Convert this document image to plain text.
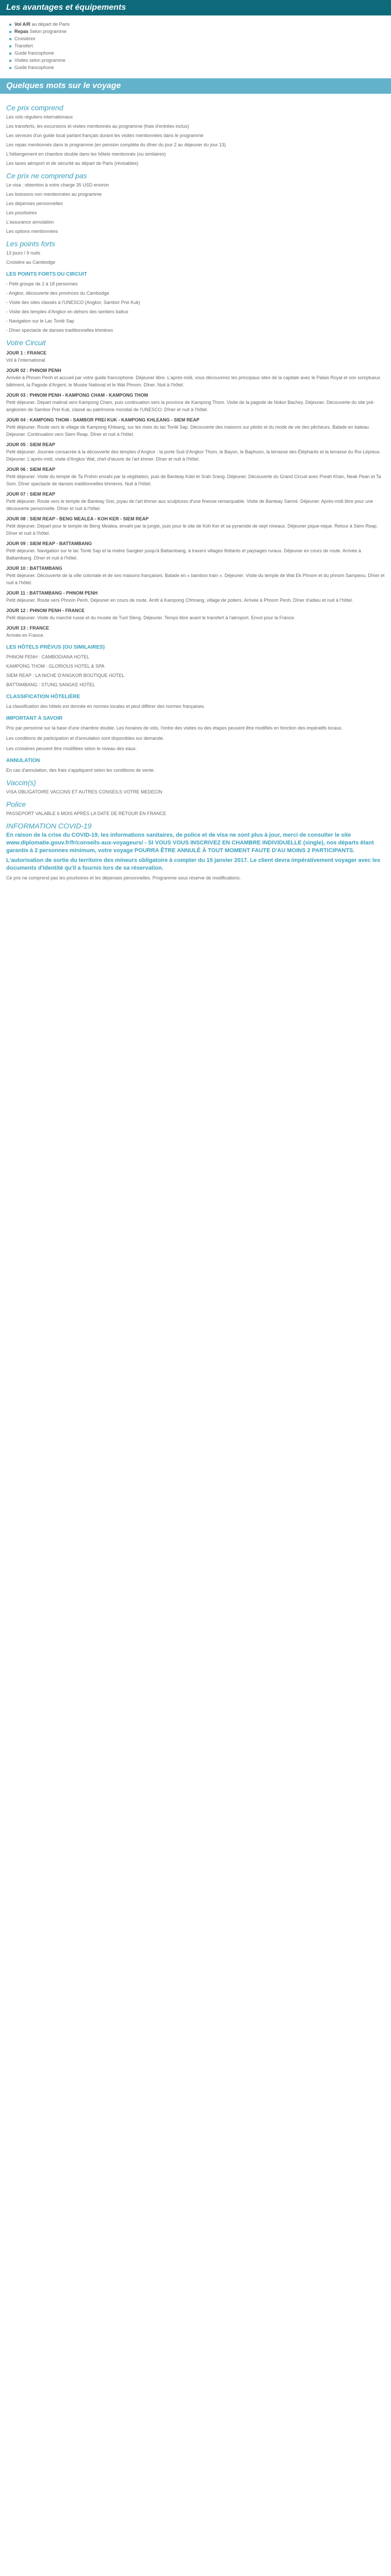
Les avantages et équipements
Vol A/R au départ de Paris
Repas Selon programme
Croisières
Transfert
Guide francophone
Visites selon programme
Guide francophone
Quelques mots sur le voyage
Ce prix comprend

Les vols réguliers internationaux

Les transferts, les excursions et visites mentionnés au programme (frais d'entrées inclus)

Les services d'un guide local parlant français durant les visites mentionnées dans le programme

Les repas mentionnés dans le programme (en pension complète du dîner du jour 2 au déjeuner du jour 13)

L'hébergement en chambre double dans les hôtels mentionnés (ou similaires)

Les taxes aéroport et de sécurité au départ de Paris (révisables)

Ce prix ne comprend pas

Le visa : obtention à votre charge 35 USD environ

Les boissons non mentionnées au programme

Les dépenses personnelles

Les pourboires

L'assurance annulation

Les options mentionnées

Les points forts

13 jours / 9 nuits

Croisière au Cambodge

LES POINTS FORTS DU CIRCUIT

- Petit groupe de 2 à 18 personnes

- Angkor, découverte des provinces du Cambodge

- Visite des sites classés à l'UNESCO (Angkor, Sambor Prei Kuk)

- Visite des temples d'Angkor en dehors des sentiers battus

- Navigation sur le Lac Tonlé Sap

- Dîner spectacle de danses traditionnelles khmères

Votre Circuit
JOUR 1 : FRANCE

Vol à l'international

JOUR 02 : PHNOM PENH

Arrivée à Phnom Penh et accueil par votre guide francophone. Déjeuner libre. L'après-midi, vous découvrirez les principaux sites de la capitale avec le Palais Royal et son somptueux bâtiment, la Pagode d'Argent, le Musée National et le Wat Phnom. Dîner. Nuit à l'hôtel.

JOUR 03 : PHNOM PENH - KAMPONG CHAM - KAMPONG THOM

Petit déjeuner. Départ matinal vers Kampong Cham, puis continuation vers la province de Kampong Thom. Visite de la pagode de Nokor Bachey. Déjeuner. Découverte du site pré-angkorien de Sambor Prei Kuk, classé au patrimoine mondial de l'UNESCO. Dîner et nuit à l'hôtel.

JOUR 04 : KAMPONG THOM - SAMBOR PREI KUK - KAMPONG KHLEANG - SIEM REAP

Petit déjeuner. Route vers le village de Kampong Khleang, sur les rives du lac Tonlé Sap. Découverte des maisons sur pilotis et du mode de vie des pêcheurs. Balade en bateau. Déjeuner. Continuation vers Siem Reap. Dîner et nuit à l'hôtel.

JOUR 05 : SIEM REAP

Petit déjeuner. Journée consacrée à la découverte des temples d'Angkor : la porte Sud d'Angkor Thom, le Bayon, le Baphuon, la terrasse des Éléphants et la terrasse du Roi Lépreux. Déjeuner. L'après-midi, visite d'Angkor Wat, chef-d'œuvre de l'art khmer. Dîner et nuit à l'hôtel.

JOUR 06 : SIEM REAP

Petit déjeuner. Visite du temple de Ta Prohm envahi par la végétation, puis de Banteay Kdei et Srah Srang. Déjeuner. Découverte du Grand Circuit avec Preah Khan, Neak Pean et Ta Som. Dîner spectacle de danses traditionnelles khmères. Nuit à l'hôtel.

JOUR 07 : SIEM REAP

Petit déjeuner. Route vers le temple de Banteay Srei, joyau de l'art khmer aux sculptures d'une finesse remarquable. Visite de Banteay Samré. Déjeuner. Après-midi libre pour une découverte personnelle. Dîner et nuit à l'hôtel.

JOUR 08 : SIEM REAP - BENG MEALEA - KOH KER - SIEM REAP

Petit déjeuner. Départ pour le temple de Beng Mealea, envahi par la jungle, puis pour le site de Koh Ker et sa pyramide de sept niveaux. Déjeuner pique-nique. Retour à Siem Reap. Dîner et nuit à l'hôtel.

JOUR 09 : SIEM REAP - BATTAMBANG

Petit déjeuner. Navigation sur le lac Tonlé Sap et la rivière Sangker jusqu'à Battambang, à travers villages flottants et paysages ruraux. Déjeuner en cours de route. Arrivée à Battambang. Dîner et nuit à l'hôtel.

JOUR 10 : BATTAMBANG

Petit déjeuner. Découverte de la ville coloniale et de ses maisons françaises. Balade en « bamboo train ». Déjeuner. Visite du temple de Wat Ek Phnom et du phnom Sampeou. Dîner et nuit à l'hôtel.

JOUR 11 : BATTAMBANG - PHNOM PENH

Petit déjeuner. Route vers Phnom Penh. Déjeuner en cours de route. Arrêt à Kampong Chhnang, village de potiers. Arrivée à Phnom Penh. Dîner d'adieu et nuit à l'hôtel.

JOUR 12 : PHNOM PENH - FRANCE

Petit déjeuner. Visite du marché russe et du musée de Tuol Sleng. Déjeuner. Temps libre avant le transfert à l'aéroport. Envol pour la France.

JOUR 13 : FRANCE

Arrivée en France.

LES HÔTELS PRÉVUS (OU SIMILAIRES)

PHNOM PENH : CAMBODIANA HOTEL

KAMPONG THOM : GLORIOUS HOTEL & SPA

SIEM REAP : LA NICHE D'ANGKOR BOUTIQUE HOTEL

BATTAMBANG : STUNG SANGKE HOTEL

CLASSIFICATION HÔTELIÈRE

La classification des hôtels est donnée en normes locales et peut différer des normes françaises.

IMPORTANT À SAVOIR

Prix par personne sur la base d'une chambre double. Les horaires de vols, l'ordre des visites ou des étapes peuvent être modifiés en fonction des impératifs locaux.

Les conditions de participation et d'annulation sont disponibles sur demande.

Les croisières peuvent être modifiées selon le niveau des eaux.

ANNULATION

En cas d'annulation, des frais s'appliquent selon les conditions de vente.

Vaccin(s)

VISA OBLIGATOIRE VACCINS ET AUTRES CONSEILS VOTRE MEDECIN

Police

PASSEPORT VALABLE 6 MOIS APRÈS LA DATE DE RETOUR EN FRANCE

INFORMATION COVID-19

En raison de la crise du COVID-19, les informations sanitaires, de police et de visa ne sont plus à jour, merci de consulter le site www.diplomatie.gouv.fr/fr/conseils-aux-voyageurs/ - SI VOUS VOUS INSCRIVEZ EN CHAMBRE INDIVIDUELLE (single), nos départs étant garantis à 2 personnes minimum, votre voyage POURRA ÊTRE ANNULÉ À TOUT MOMENT FAUTE D'AU MOINS 2 PARTICIPANTS.

L'autorisation de sortie du territoire des mineurs obligatoire à compter du 15 janvier 2017. Le client devra impérativement voyager avec les documents d'identité qu'il a fournis lors de sa réservation.

Ce prix ne comprend pas les pourboires et les dépenses personnelles. Programme sous réserve de modifications.
